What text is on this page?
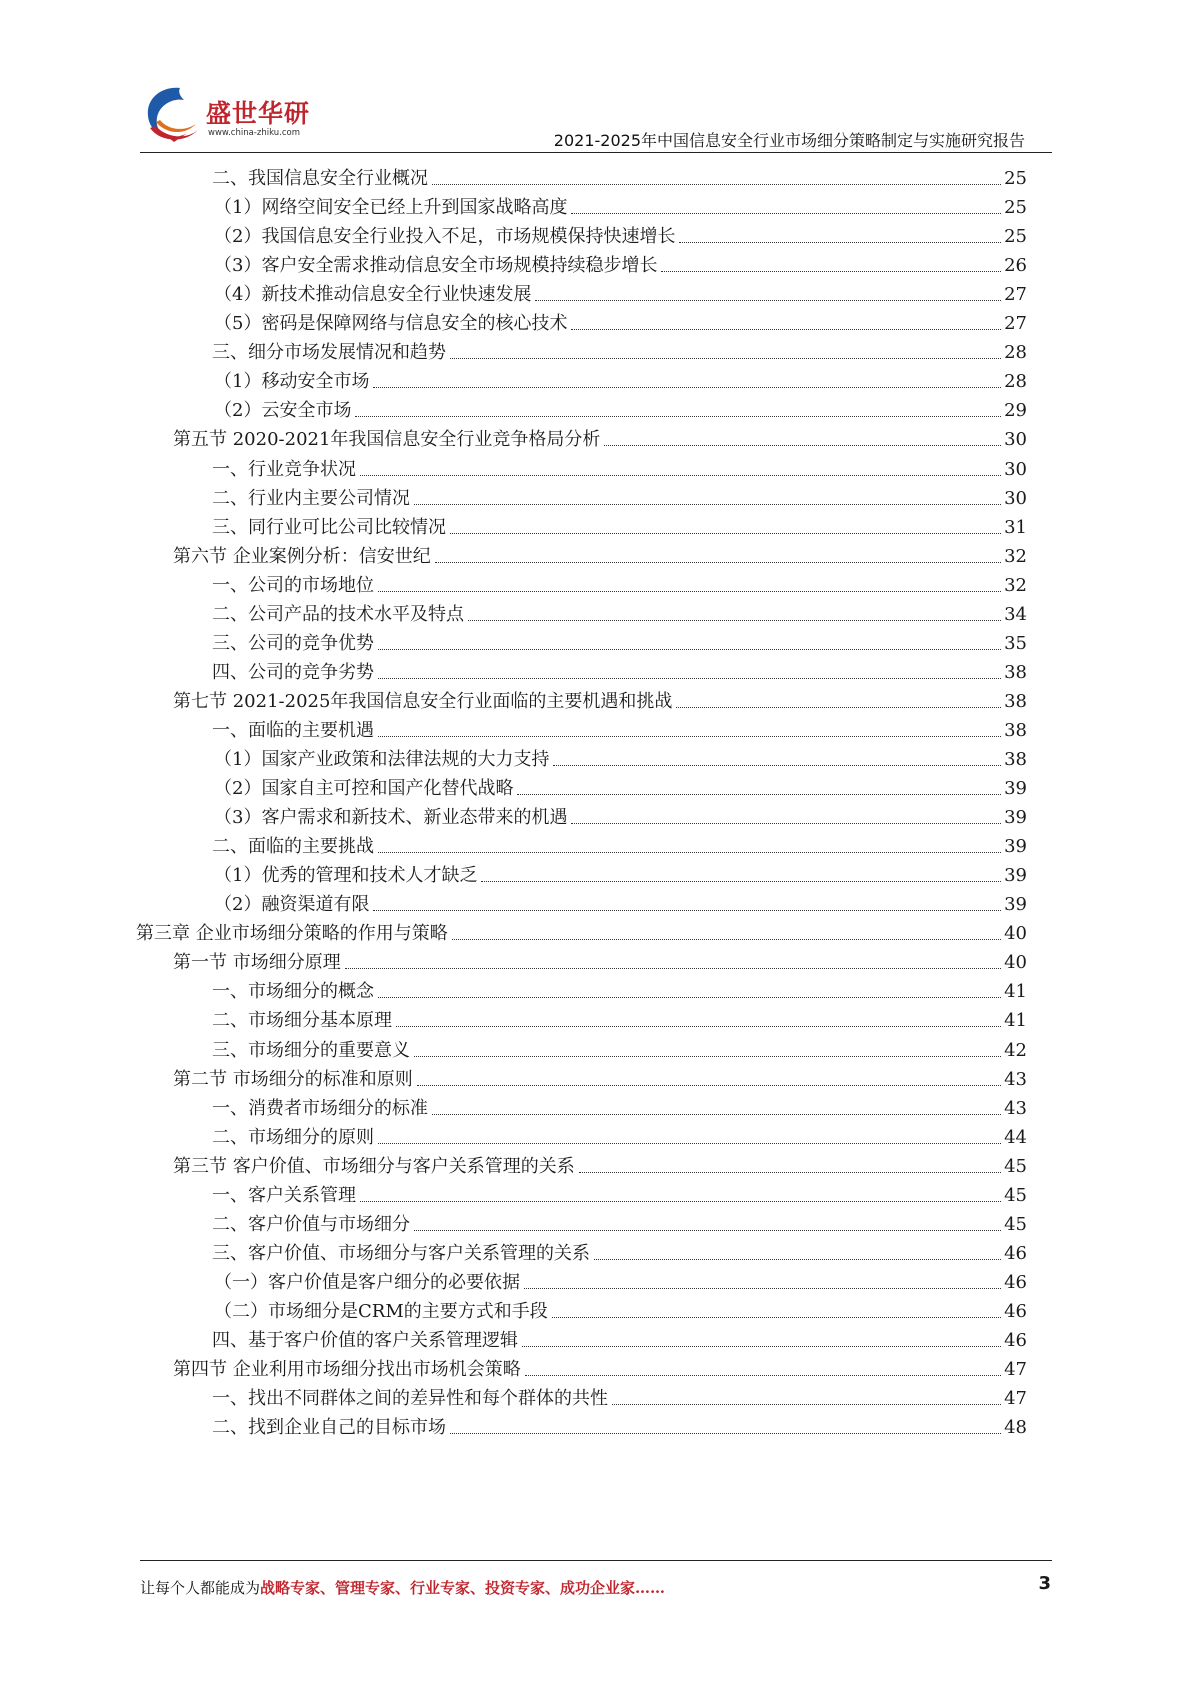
盛世华研
www.china-zhiku.com	2021-2025年中国信息安全行业市场细分策略制定与实施研究报告
二、我国信息安全行业概况	25
（1）网络空间安全已经上升到国家战略高度	25
（2）我国信息安全行业投入不足，市场规模保持快速增长	25
（3）客户安全需求推动信息安全市场规模持续稳步增长	26
（4）新技术推动信息安全行业快速发展	27
（5）密码是保障网络与信息安全的核心技术	27
三、细分市场发展情况和趋势	28
（1）移动安全市场	28
（2）云安全市场	29
第五节 2020-2021年我国信息安全行业竞争格局分析	30
一、行业竞争状况	30
二、行业内主要公司情况	30
三、同行业可比公司比较情况	31
第六节 企业案例分析：信安世纪	32
一、公司的市场地位	32
二、公司产品的技术水平及特点	34
三、公司的竞争优势	35
四、公司的竞争劣势	38
第七节 2021-2025年我国信息安全行业面临的主要机遇和挑战	38
一、面临的主要机遇	38
（1）国家产业政策和法律法规的大力支持	38
（2）国家自主可控和国产化替代战略	39
（3）客户需求和新技术、新业态带来的机遇	39
二、面临的主要挑战	39
（1）优秀的管理和技术人才缺乏	39
（2）融资渠道有限	39
第三章 企业市场细分策略的作用与策略	40
第一节 市场细分原理	40
一、市场细分的概念	41
二、市场细分基本原理	41
三、市场细分的重要意义	42
第二节 市场细分的标准和原则	43
一、消费者市场细分的标准	43
二、市场细分的原则	44
第三节 客户价值、市场细分与客户关系管理的关系	45
一、客户关系管理	45
二、客户价值与市场细分	45
三、客户价值、市场细分与客户关系管理的关系	46
（一）客户价值是客户细分的必要依据	46
（二）市场细分是CRM的主要方式和手段	46
四、基于客户价值的客户关系管理逻辑	46
第四节 企业利用市场细分找出市场机会策略	47
一、找出不同群体之间的差异性和每个群体的共性	47
二、找到企业自己的目标市场	48
让每个人都能成为战略专家、管理专家、行业专家、投资专家、成功企业家……	3
